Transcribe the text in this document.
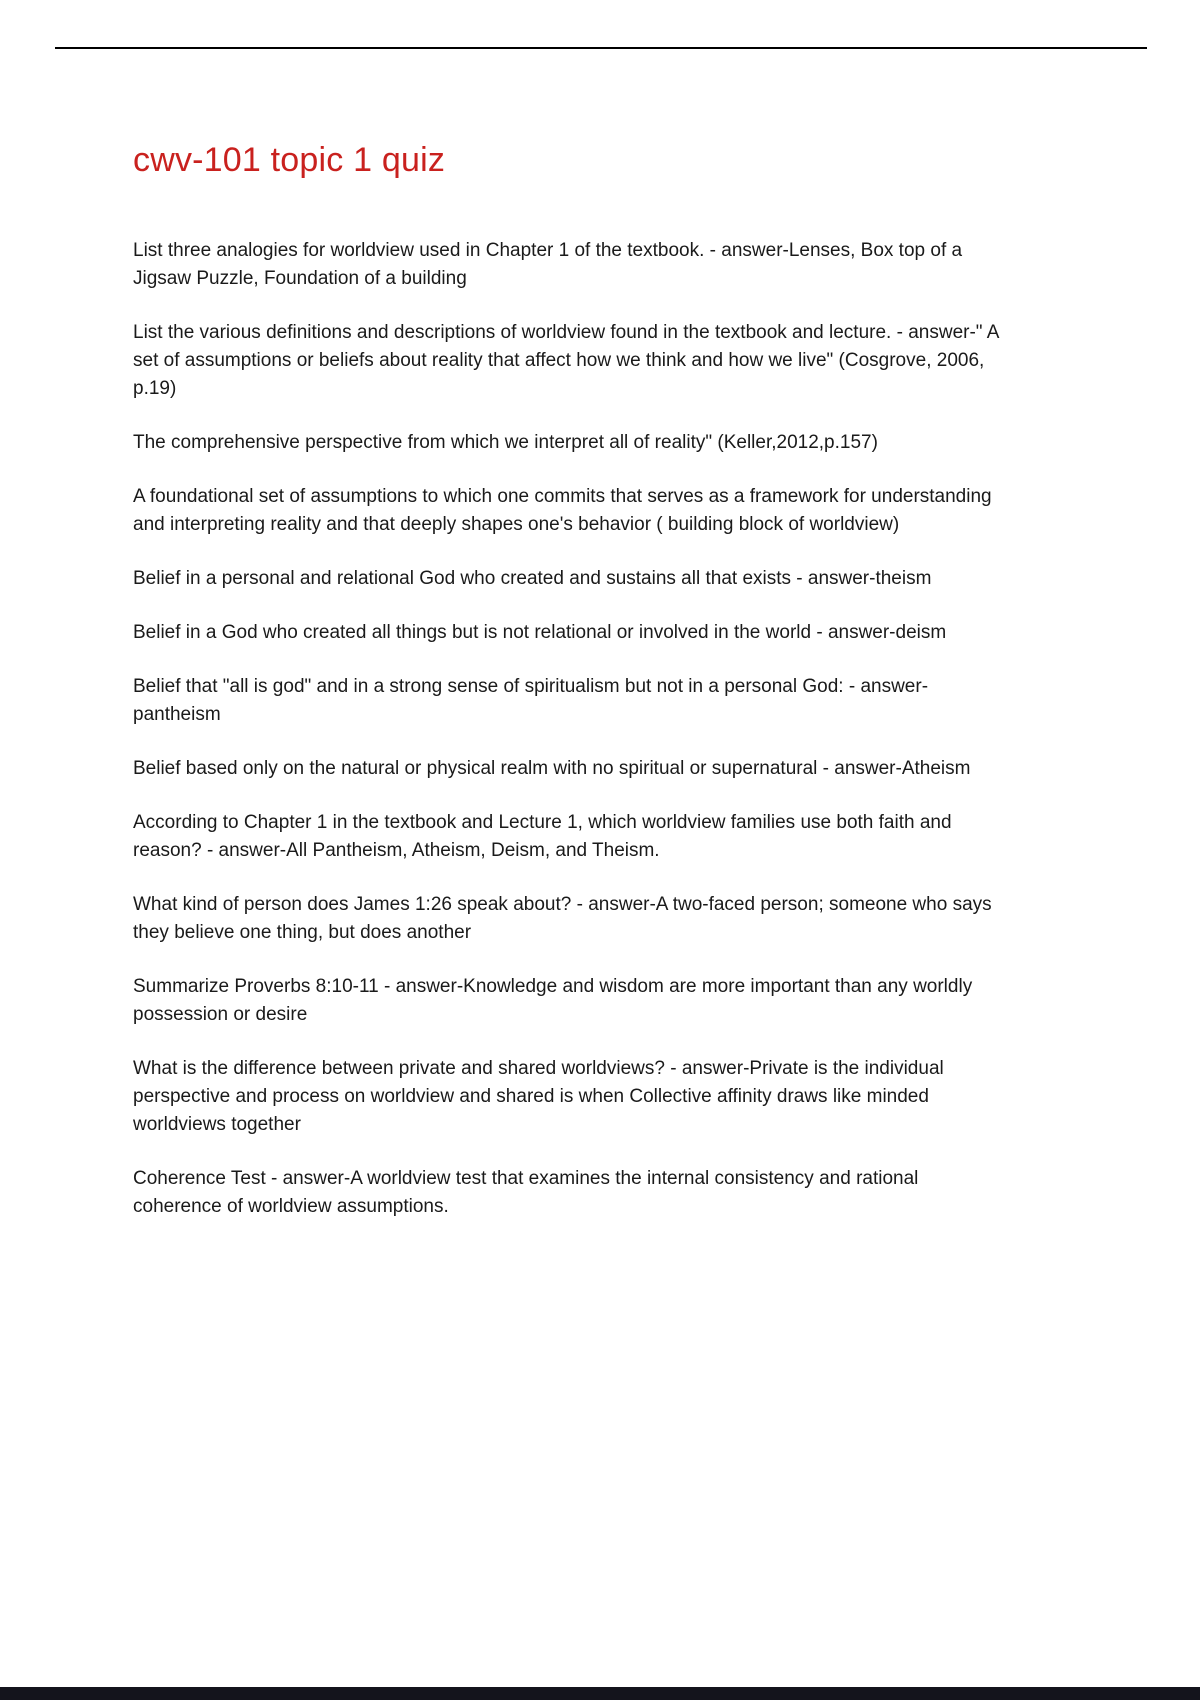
cwv-101 topic 1 quiz

List three analogies for worldview used in Chapter 1 of the textbook. - answer-Lenses, Box top of a Jigsaw Puzzle, Foundation of a building

List the various definitions and descriptions of worldview found in the textbook and lecture. - answer-" A set of assumptions or beliefs about reality that affect how we think and how we live" (Cosgrove, 2006, p.19)

The comprehensive perspective from which we interpret all of reality" (Keller,2012,p.157)

A foundational set of assumptions to which one commits that serves as a framework for understanding and interpreting reality and that deeply shapes one's behavior ( building block of worldview)

Belief in a personal and relational God who created and sustains all that exists - answer-theism

Belief in a God who created all things but is not relational or involved in the world - answer-deism

Belief that "all is god" and in a strong sense of spiritualism but not in a personal God: - answer-pantheism

Belief based only on the natural or physical realm with no spiritual or supernatural - answer-Atheism

According to Chapter 1 in the textbook and Lecture 1, which worldview families use both faith and reason? - answer-All Pantheism, Atheism, Deism, and Theism.

What kind of person does James 1:26 speak about? - answer-A two-faced person; someone who says they believe one thing, but does another

Summarize Proverbs 8:10-11 - answer-Knowledge and wisdom are more important than any worldly possession or desire

What is the difference between private and shared worldviews? - answer-Private is the individual perspective and process on worldview and shared is when Collective affinity draws like minded worldviews together

Coherence Test - answer-A worldview test that examines the internal consistency and rational coherence of worldview assumptions.
